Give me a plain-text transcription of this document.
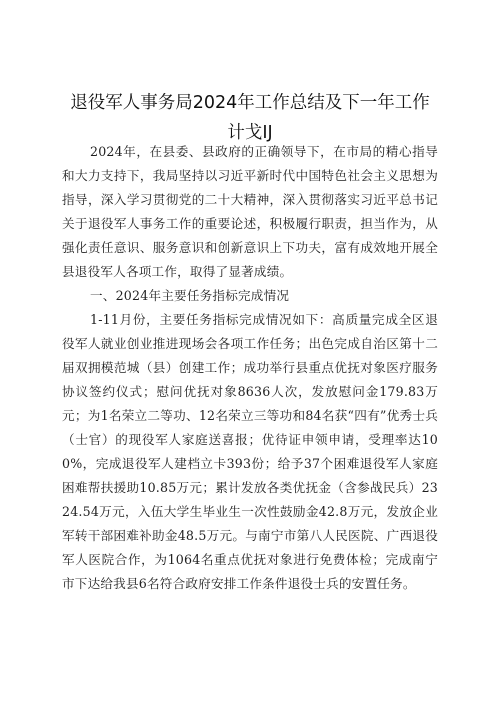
退役军人事务局2024年工作总结及下一年工作计戈IJ

2024年，在县委、县政府的正确领导下，在市局的精心指导和大力支持下，我局坚持以习近平新时代中国特色社会主义思想为指导，深入学习贯彻党的二十大精神，深入贯彻落实习近平总书记关于退役军人事务工作的重要论述，积极履行职责，担当作为，从强化责任意识、服务意识和创新意识上下功夫，富有成效地开展全县退役军人各项工作，取得了显著成绩。

一、2024年主要任务指标完成情况

1-11月份，主要任务指标完成情况如下：高质量完成全区退役军人就业创业推进现场会各项工作任务；出色完成自治区第十二届双拥模范城（县）创建工作；成功举行县重点优抚对象医疗服务协议签约仪式；慰问优抚对象8636人次，发放慰问金179.83万元；为1名荣立二等功、12名荣立三等功和84名获“四有”优秀士兵（士官）的现役军人家庭送喜报；优待证申领申请，受理率达100%，完成退役军人建档立卡393份；给予37个困难退役军人家庭困难帮扶援助10.85万元；累计发放各类优抚金（含参战民兵）2324.54万元，入伍大学生毕业生一次性鼓励金42.8万元，发放企业军转干部困难补助金48.5万元。与南宁市第八人民医院、广西退役军人医院合作，为1064名重点优抚对象进行免费体检；完成南宁市下达给我县6名符合政府安排工作条件退役士兵的安置任务。
